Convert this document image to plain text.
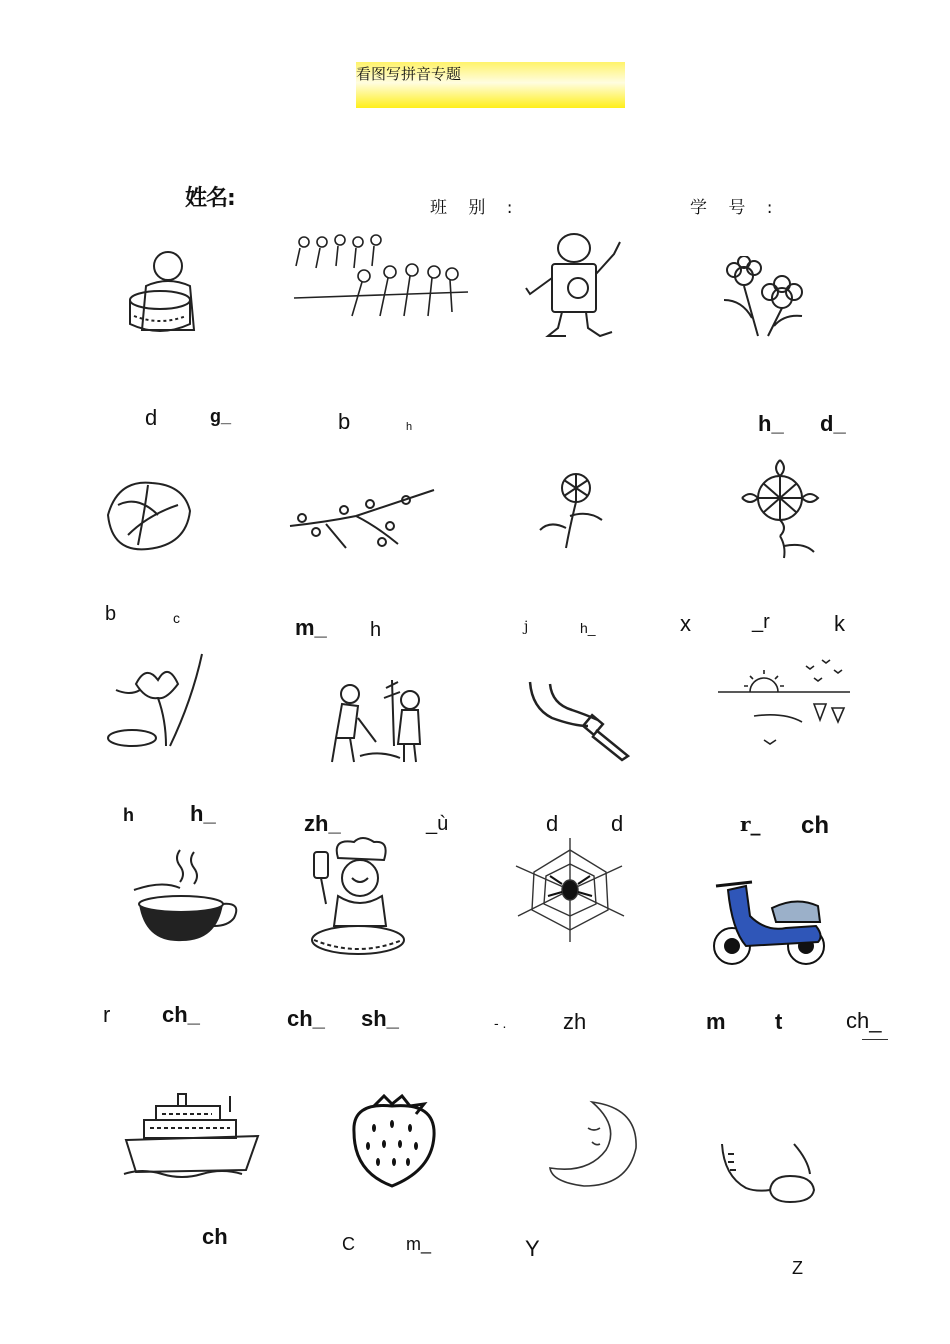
看图写拼音专题
姓名:	班 别 :	学 号 :
d	g_	b	h	h_ d_
b	c	m_ h	j	h_	x	_r	k
h	h_	zh_	_ù	d d	r_ ch
r ch_	ch_ sh_	- .	zh	m t	ch_
ch	C	m_	Y
Z
